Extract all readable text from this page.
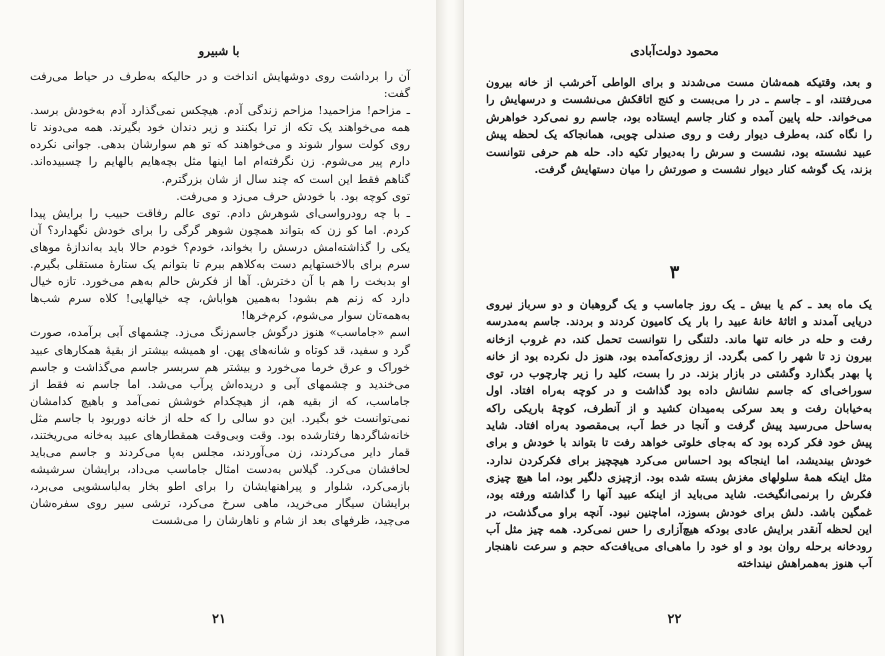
با شبیرو

آن را برداشت روی دوشهایش انداخت و در حالیکه به‌طرف در حیاط می‌رفت گفت:

ـ مزاحم! مزاحمید! مزاحم زندگی آدم. هیچکس نمی‌گذارد آدم به‌خودش برسد. همه می‌خواهند یک تکه از ترا بکنند و زیر دندان خود بگیرند. همه می‌دوند تا روی کولت سوار شوند و می‌خواهند که تو هم سوارشان بدهی. جوانی نکرده دارم پیر می‌شوم. زن نگرفته‌ام اما اینها مثل بچه‌هایم بالهایم را چسبیده‌اند. گناهم فقط این است که چند سال از شان بزرگترم.

توی کوچه بود. با خودش حرف می‌زد و می‌رفت.

ـ با چه رودرواسی‌ای شوهرش دادم. توی عالم رفاقت حبیب را برایش پیدا کردم. اما کو زن که بتواند همچون شوهر گرگی را برای خودش نگهدارد؟ آن یکی را گذاشته‌امش درسش را بخواند، خودم؟ خودم حالا باید به‌اندازهٔ موهای سرم برای بالاخستهایم دست به‌کلاهم ببرم تا بتوانم یک ستارهٔ مستقلی بگیرم. او بدبخت را هم با آن دخترش. آها از فکرش حالم به‌هم می‌خورد. تازه خیال دارد که زنم هم بشود! به‌همین هواباش، چه خیالهایی! کلاه سرم شب‌ها به‌همه‌تان سوار می‌شوم، کرم‌خرها!

اسم «جاماسب» هنوز درگوش جاسم‌زنگ می‌زد. چشمهای آبی برآمده، صورت گرد و سفید، قد کوتاه و شانه‌های پهن. او همیشه بیشتر از بقیهٔ همکارهای عبید خوراک و عرق خرما می‌خورد و بیشتر هم سربسر جاسم می‌گذاشت و جاسم می‌خندید و چشمهای آبی و دریده‌اش پرآب می‌شد. اما جاسم نه فقط از جاماسب، که از بقیه هم، از هیچکدام خوشش نمی‌آمد و باهیچ کدامشان نمی‌توانست خو بگیرد. این دو سالی را که حله از خانه دوربود با جاسم مثل خانه‌شاگردها رفتارشده بود. وقت وبی‌وقت همقطارهای عبید به‌خانه می‌ریختند، قمار دایر می‌کردند، زن می‌آوردند، مجلس به‌پا می‌کردند و جاسم می‌باید لحافشان می‌کرد. گیلاس به‌دست امثال جاماسب می‌داد، برایشان سرشیشه بازمی‌کرد، شلوار و پیراهنهایشان را برای اطو بخار به‌لباسشویی می‌برد، برایشان سیگار می‌خرید، ماهی سرخ می‌کرد، ترشی سیر روی سفره‌شان می‌چید، ظرفهای بعد از شام و ناهارشان را می‌شست

۲۱
محمود دولت‌آبادی

و بعد، وقتیکه همه‌شان مست می‌شدند و برای الواطی آخرشب از خانه بیرون می‌رفتند، او ـ جاسم ـ در را می‌بست و کنج اتاقکش می‌نشست و درسهایش را می‌خواند. حله پایین آمده و کنار جاسم ایستاده بود، جاسم رو نمی‌کرد خواهرش را نگاه کند، به‌طرف دیوار رفت و روی صندلی چوبی، همانجاکه یک لحظه پیش عبید نشسته بود، نشست و سرش را به‌دیوار تکیه داد. حله هم حرفی نتوانست بزند، یک گوشه کنار دیوار نشست و صورتش را میان دستهایش گرفت.

۳

یک ماه بعد ـ کم یا بیش ـ یک روز جاماسب و یک گروهبان و دو سرباز نیروی دریایی آمدند و اثاثهٔ خانهٔ عبید را بار یک کامیون کردند و بردند. جاسم به‌مدرسه رفت و حله در خانه تنها ماند. دلتنگی را نتوانست تحمل کند، دم غروب ازخانه بیرون زد تا شهر را کمی بگردد. از روزی‌که‌آمده بود، هنوز دل نکرده بود از خانه پا بهدر بگذارد وگشتی در بازار بزند. در را بست، کلید را زیر چارچوب در، توی سوراخی‌ای که جاسم نشانش داده بود گذاشت و در کوچه به‌راه افتاد. اول به‌خیابان رفت و بعد سرکی به‌میدان کشید و از آنطرف، کوچهٔ باریکی راکه به‌ساحل می‌رسید پیش گرفت و آنجا در خط آب، بی‌مقصود به‌راه افتاد. شاید پیش خود فکر کرده بود که به‌جای خلوتی خواهد رفت تا بتواند با خودش و برای خودش بیندیشد، اما اینجاکه بود احساس می‌کرد هیچچیز برای فکرکردن ندارد. مثل اینکه همهٔ سلولهای مغزش بسته شده بود. ازچیزی دلگیر بود، اما هیچ چیزی فکرش را برنمی‌انگیخت. شاید می‌باید از اینکه عبید آنها را گذاشته ورفته بود، غمگین باشد. دلش برای خودش بسوزد، اماچنین نبود. آنچه براو می‌گذشت، در این لحظه آنقدر برایش عادی بودکه هیچ‌آزاری را حس نمی‌کرد. همه چیز مثل آب رودخانه برحله روان بود و او خود را ماهی‌ای می‌یافت‌که حجم و سرعت ناهنجار آب هنوز به‌همراهش نینداخته

۲۲
